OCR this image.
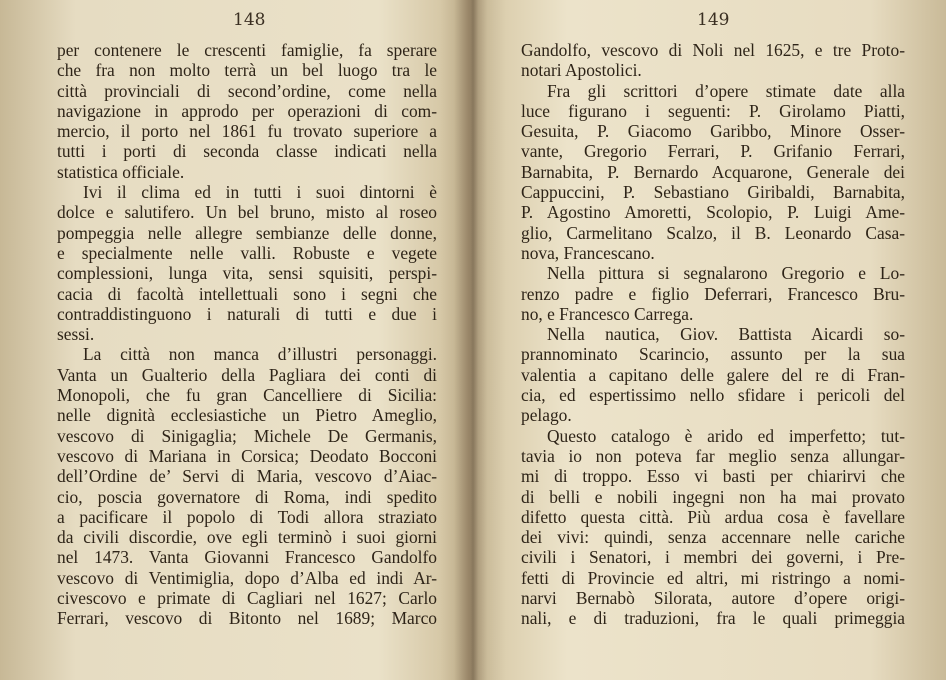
148
per contenere le crescenti famiglie, fa sperare
che fra non molto terrà un bel luogo tra le
città provinciali di second’ordine, come nella
navigazione in approdo per operazioni di com-
mercio, il porto nel 1861 fu trovato superiore a
tutti i porti di seconda classe indicati nella
statistica officiale.
Ivi il clima ed in tutti i suoi dintorni è
dolce e salutifero. Un bel bruno, misto al roseo
pompeggia nelle allegre sembianze delle donne,
e specialmente nelle valli. Robuste e vegete
complessioni, lunga vita, sensi squisiti, perspi-
cacia di facoltà intellettuali sono i segni che
contraddistinguono i naturali di tutti e due i
sessi.
La città non manca d’illustri personaggi.
Vanta un Gualterio della Pagliara dei conti di
Monopoli, che fu gran Cancelliere di Sicilia:
nelle dignità ecclesiastiche un Pietro Ameglio,
vescovo di Sinigaglia; Michele De Germanis,
vescovo di Mariana in Corsica; Deodato Bocconi
dell’Ordine de’ Servi di Maria, vescovo d’Aiac-
cio, poscia governatore di Roma, indi spedito
a pacificare il popolo di Todi allora straziato
da civili discordie, ove egli terminò i suoi giorni
nel 1473. Vanta Giovanni Francesco Gandolfo
vescovo di Ventimiglia, dopo d’Alba ed indi Ar-
civescovo e primate di Cagliari nel 1627; Carlo
Ferrari, vescovo di Bitonto nel 1689; Marco
149
Gandolfo, vescovo di Noli nel 1625, e tre Proto-
notari Apostolici.
Fra gli scrittori d’opere stimate date alla
luce figurano i seguenti: P. Girolamo Piatti,
Gesuita, P. Giacomo Garibbo, Minore Osser-
vante, Gregorio Ferrari, P. Grifanio Ferrari,
Barnabita, P. Bernardo Acquarone, Generale dei
Cappuccini, P. Sebastiano Giribaldi, Barnabita,
P. Agostino Amoretti, Scolopio, P. Luigi Ame-
glio, Carmelitano Scalzo, il B. Leonardo Casa-
nova, Francescano.
Nella pittura si segnalarono Gregorio e Lo-
renzo padre e figlio Deferrari, Francesco Bru-
no, e Francesco Carrega.
Nella nautica, Giov. Battista Aicardi so-
prannominato Scarincio, assunto per la sua
valentia a capitano delle galere del re di Fran-
cia, ed espertissimo nello sfidare i pericoli del
pelago.
Questo catalogo è arido ed imperfetto; tut-
tavia io non poteva far meglio senza allungar-
mi di troppo. Esso vi basti per chiarirvi che
di belli e nobili ingegni non ha mai provato
difetto questa città. Più ardua cosa è favellare
dei vivi: quindi, senza accennare nelle cariche
civili i Senatori, i membri dei governi, i Pre-
fetti di Provincie ed altri, mi ristringo a nomi-
narvi Bernabò Silorata, autore d’opere origi-
nali, e di traduzioni, fra le quali primeggia
